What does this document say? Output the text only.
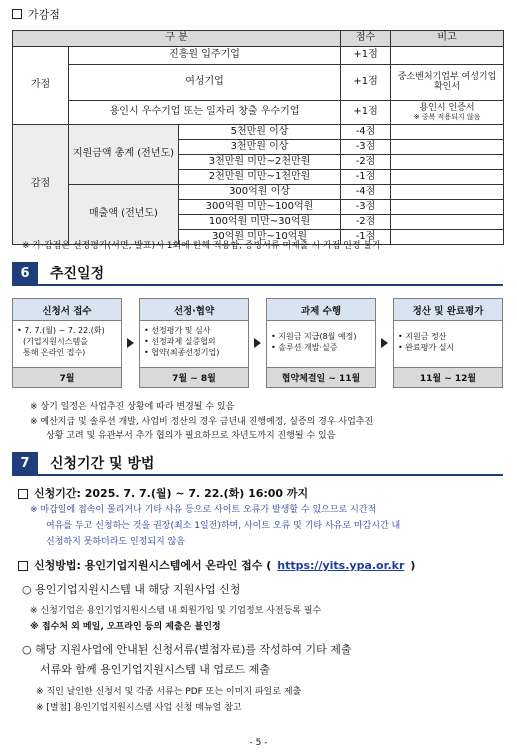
가감점
구 분			점수	비고
가점	진흥원 입주기업		+1점	
	여성기업		+1점	중소벤처기업부 여성기업 확인서
	용인시 우수기업 또는 일자리 창출 우수기업		+1점	용인시 인증서
※ 중복 적용되지 않음

감점	지원금액 총계 (전년도)	5천만원 이상	-4점	
		3천만원 이상	-3점	
		3천만원 미만~2천만원	-2점	
		2천만원 미만~1천만원	-1점	
	매출액 (전년도)	300억원 이상	-4점	
		300억원 미만~100억원	-3점	
		100억원 미만~30억원	-2점	
		30억원 미만~10억원	-1점	
※ 가·감점은 선정평가(서면, 발표)시 1회에 한해 적용함, 증빙서류 미제출 시 가점 인정 불가
6	추진일정
신청서 접수
• 7. 7.(월) ~ 7. 22.(화)
(기업지원시스템을
통해 온라인 접수)
7월
선정·협약
• 선정평가 및 심사
• 선정과제 실증협의
• 협약(최종선정기업)
7월 ~ 8월
과제 수행
• 지원금 지급(8월 예정)
• 솔루션 개발·실증
협약체결일 ~ 11월
정산 및 완료평가
• 지원금 정산
• 완료평가 실시
11월 ~ 12월
※ 상기 일정은 사업추진 상황에 따라 변경될 수 있음
※ 예산지급 및 솔루션 개발, 사업비 정산의 경우 금년내 진행예정, 실증의 경우 사업추진
상황 고려 및 유관부서 추가 협의가 필요하므로 차년도까지 진행될 수 있음
7	신청기간 및 방법
신청기간: 2025. 7. 7.(월) ~ 7. 22.(화) 16:00 까지
※ 마감일에 접속이 몰리거나 기타 사유 등으로 사이트 오류가 발생할 수 있으므로 시간적
여유를 두고 신청하는 것을 권장(최소 1일전)하며, 사이트 오류 및 기타 사유로 마감시간 내
신청하지 못하더라도 인정되지 않음
신청방법: 용인기업지원시스템에서 온라인 접수 ( https://yits.ypa.or.kr )
○ 용인기업지원시스템 내 해당 지원사업 신청
※ 신청기업은 용인기업지원시스템 내 회원가입 및 기업정보 사전등록 필수
※ 접수처 외 메일, 오프라인 등의 제출은 불인정
○ 해당 지원사업에 안내된 신청서류(별첨자료)를 작성하여 기타 제출
서류와 함께 용인기업지원시스템 내 업로드 제출
※ 직인 날인한 신청서 및 각종 서류는 PDF 또는 이미지 파일로 제출
※ [별첨] 용인기업지원시스템 사업 신청 매뉴얼 참고
- 5 -
